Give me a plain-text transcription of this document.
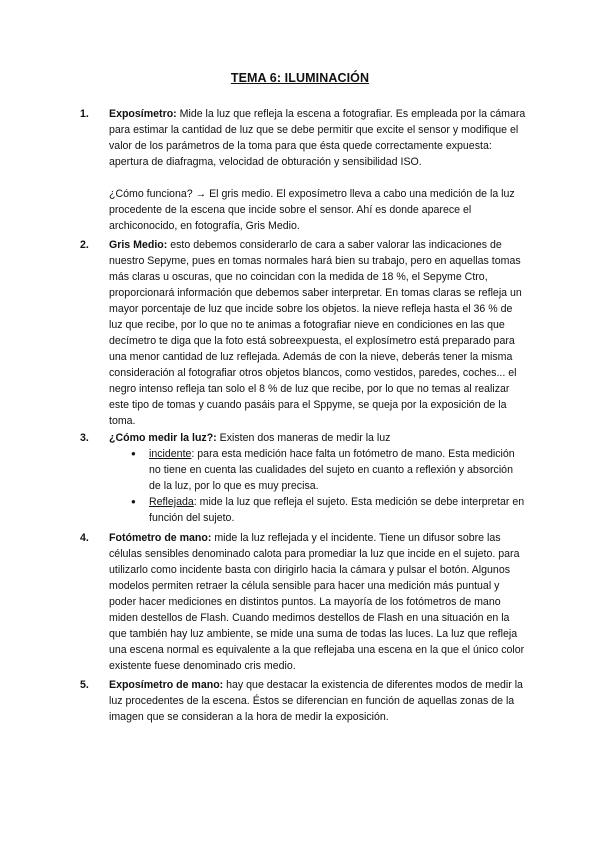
TEMA 6: ILUMINACIÓN
1. Exposímetro: Mide la luz que refleja la escena a fotografiar. Es empleada por la cámara para estimar la cantidad de luz que se debe permitir que excite el sensor y modifique el valor de los parámetros de la toma para que ésta quede correctamente expuesta: apertura de diafragma, velocidad de obturación y sensibilidad ISO.

¿Cómo funciona? → El gris medio. El exposímetro lleva a cabo una medición de la luz procedente de la escena que incide sobre el sensor. Ahí es donde aparece el archiconocido, en fotografía, Gris Medio.

2. Gris Medio: esto debemos considerarlo de cara a saber valorar las indicaciones de nuestro Sepyme, pues en tomas normales hará bien su trabajo, pero en aquellas tomas más claras u oscuras, que no coincidan con la medida de 18 %, el Sepyme Ctro, proporcionará información que debemos saber interpretar. En tomas claras se refleja un mayor porcentaje de luz que incide sobre los objetos. la nieve refleja hasta el 36 % de luz que recibe, por lo que no te animas a fotografiar nieve en condiciones en las que decímetro te diga que la foto está sobreexpuesta, el explosímetro está preparado para una menor cantidad de luz reflejada. Además de con la nieve, deberás tener la misma consideración al fotografiar otros objetos blancos, como vestidos, paredes, coches... el negro intenso refleja tan solo el 8 % de luz que recibe, por lo que no temas al realizar este tipo de tomas y cuando pasáis para el Sppyme, se queja por la exposición de la toma.

3. ¿Cómo medir la luz?: Existen dos maneras de medir la luz

● incidente: para esta medición hace falta un fotómetro de mano. Esta medición no tiene en cuenta las cualidades del sujeto en cuanto a reflexión y absorción de la luz, por lo que es muy precisa.
● Reflejada: mide la luz que refleja el sujeto. Esta medición se debe interpretar en función del sujeto.
4. Fotómetro de mano: mide la luz reflejada y el incidente. Tiene un difusor sobre las células sensibles denominado calota para promediar la luz que incide en el sujeto. para utilizarlo como incidente basta con dirigirlo hacia la cámara y pulsar el botón. Algunos modelos permiten retraer la célula sensible para hacer una medición más puntual y poder hacer mediciones en distintos puntos. La mayoría de los fotómetros de mano miden destellos de Flash. Cuando medimos destellos de Flash en una situación en la que también hay luz ambiente, se mide una suma de todas las luces. La luz que refleja una escena normal es equivalente a la que reflejaba una escena en la que el único color existente fuese denominado cris medio.

5. Exposímetro de mano: hay que destacar la existencia de diferentes modos de medir la luz procedentes de la escena. Éstos se diferencian en función de aquellas zonas de la imagen que se consideran a la hora de medir la exposición.
